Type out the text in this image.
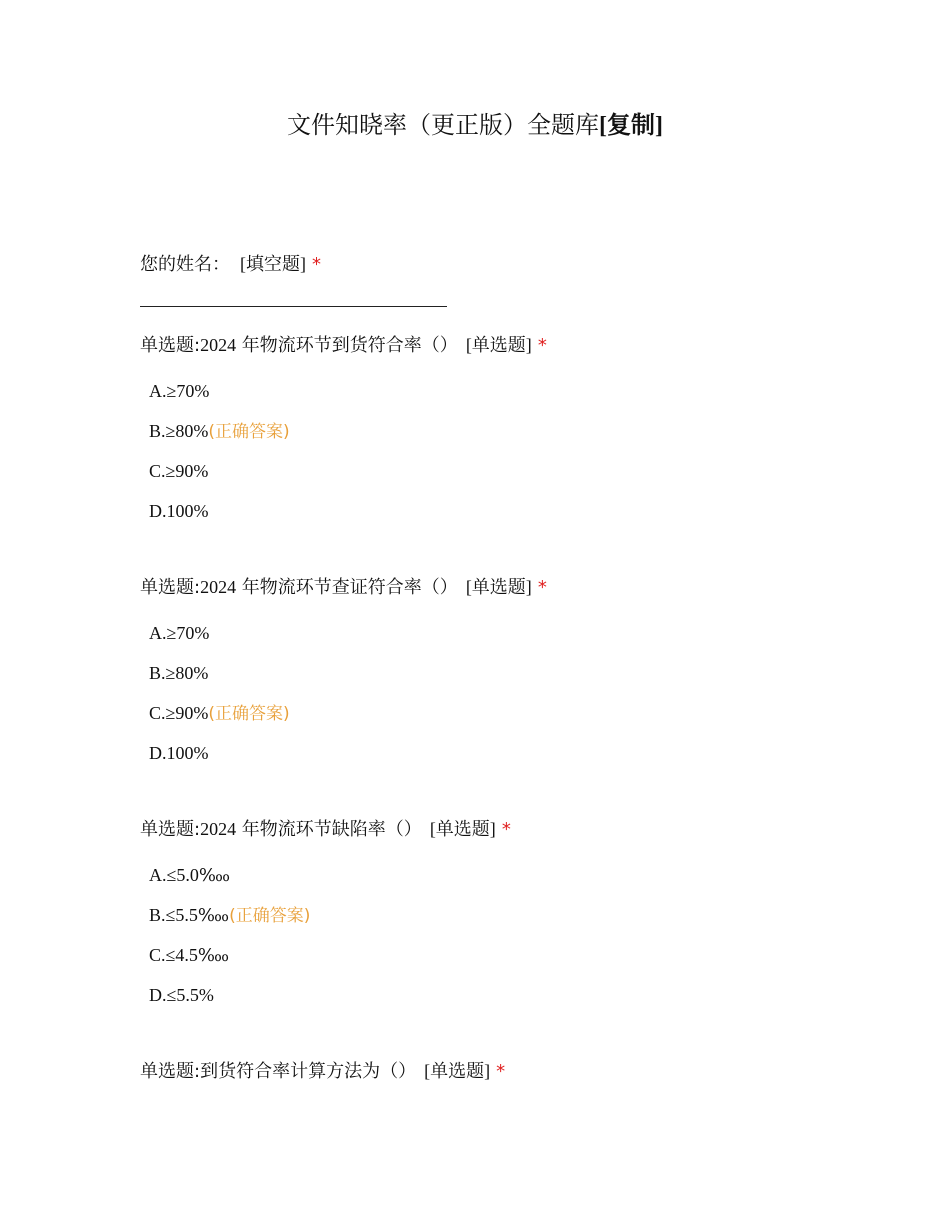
文件知晓率（更正版）全题库[复制]
您的姓名： [填空题] *
单选题:2024 年物流环节到货符合率（） [单选题] *
A.≥70%
B.≥80%(正确答案)
C.≥90%
D.100%
单选题:2024 年物流环节查证符合率（） [单选题] *
A.≥70%
B.≥80%
C.≥90%(正确答案)
D.100%
单选题:2024 年物流环节缺陷率（） [单选题] *
A.≤5.0‱
B.≤5.5‱(正确答案)
C.≤4.5‱
D.≤5.5%
单选题:到货符合率计算方法为（） [单选题] *
